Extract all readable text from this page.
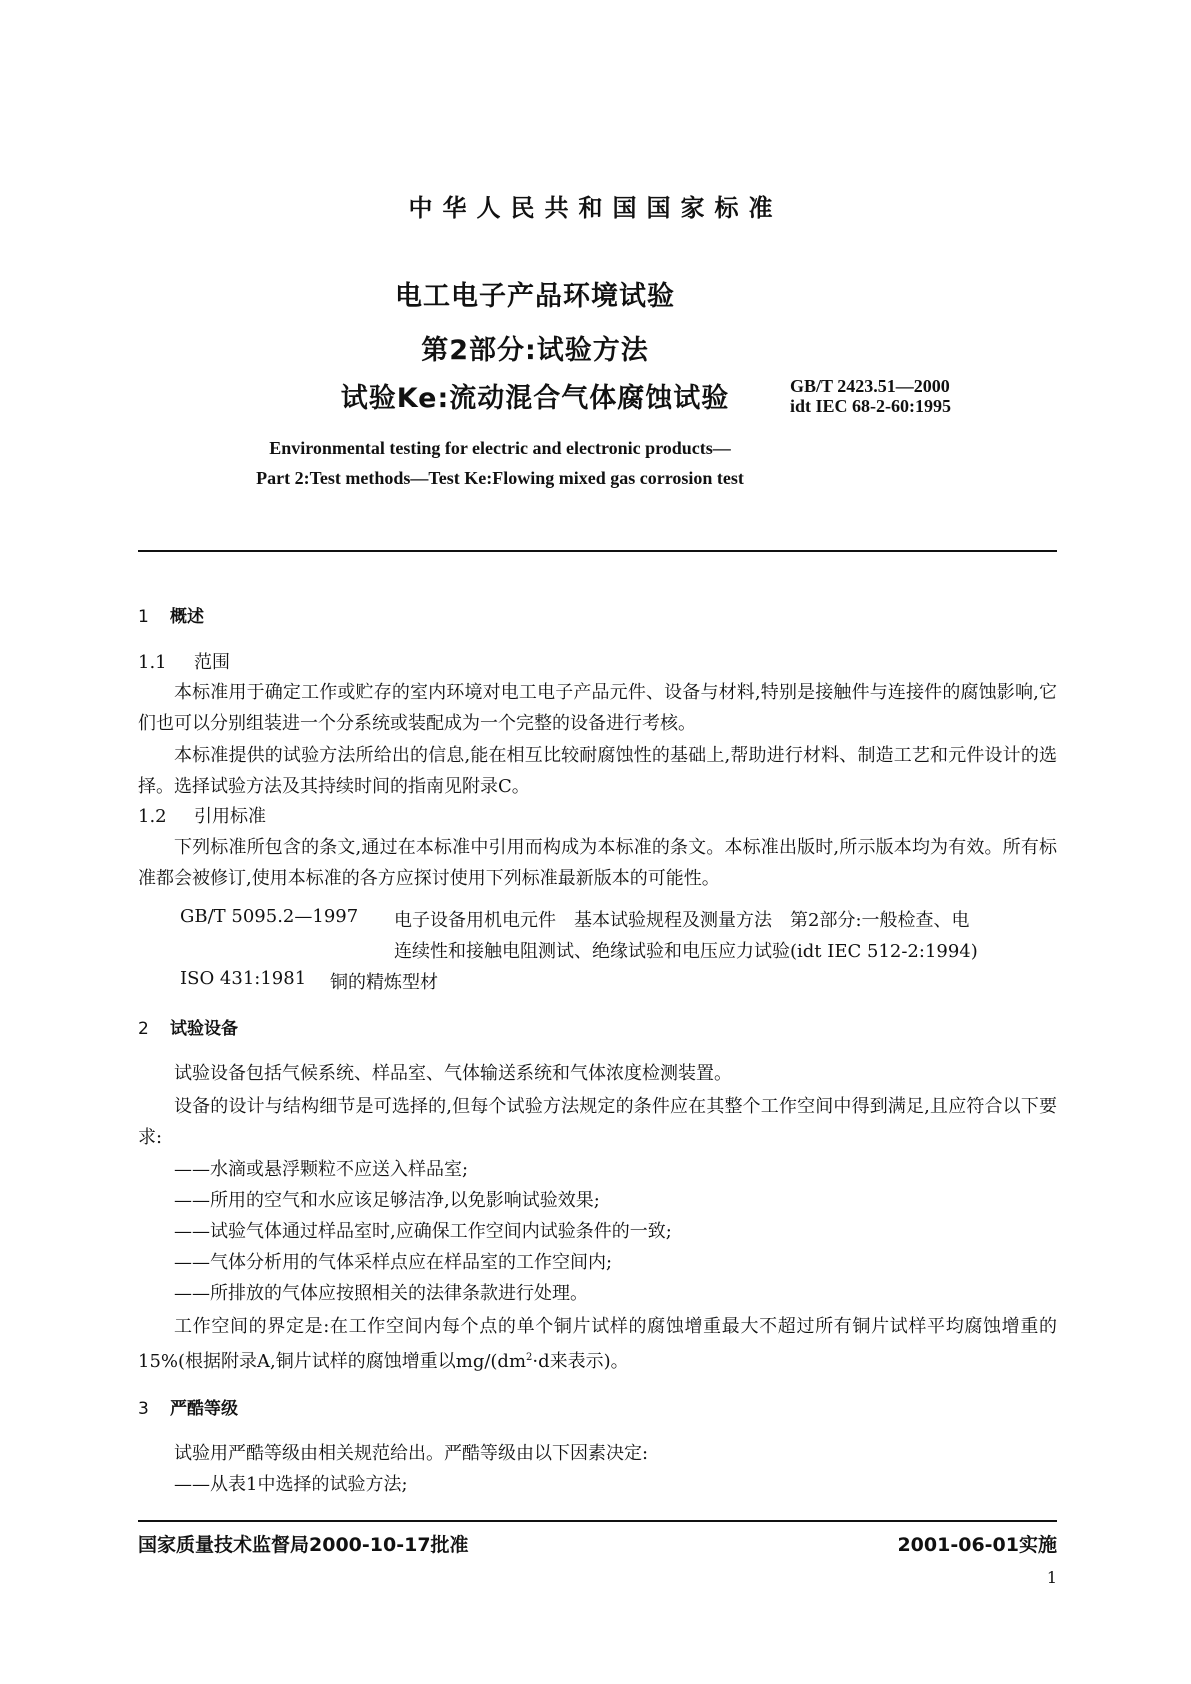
中华人民共和国国家标准
电工电子产品环境试验
第2部分:试验方法
试验Ke:流动混合气体腐蚀试验	GB/T 2423.51—2000
idt IEC 68-2-60:1995
Environmental testing for electric and electronic products—
Part 2:Test methods—Test Ke:Flowing mixed gas corrosion test
1 概述
1.1 范围
本标准用于确定工作或贮存的室内环境对电工电子产品元件、设备与材料,特别是接触件与连接件的腐蚀影响,它们也可以分别组装进一个分系统或装配成为一个完整的设备进行考核。
本标准提供的试验方法所给出的信息,能在相互比较耐腐蚀性的基础上,帮助进行材料、制造工艺和元件设计的选择。选择试验方法及其持续时间的指南见附录C。
1.2 引用标准
下列标准所包含的条文,通过在本标准中引用而构成为本标准的条文。本标准出版时,所示版本均为有效。所有标准都会被修订,使用本标准的各方应探讨使用下列标准最新版本的可能性。
GB/T 5095.2—1997 电子设备用机电元件　基本试验规程及测量方法　第2部分:一般检查、电
连续性和接触电阻测试、绝缘试验和电压应力试验(idt IEC 512-2:1994)
ISO 431:1981 铜的精炼型材
2 试验设备
试验设备包括气候系统、样品室、气体输送系统和气体浓度检测装置。
设备的设计与结构细节是可选择的,但每个试验方法规定的条件应在其整个工作空间中得到满足,且应符合以下要求:
——水滴或悬浮颗粒不应送入样品室;
——所用的空气和水应该足够洁净,以免影响试验效果;
——试验气体通过样品室时,应确保工作空间内试验条件的一致;
——气体分析用的气体采样点应在样品室的工作空间内;
——所排放的气体应按照相关的法律条款进行处理。
工作空间的界定是:在工作空间内每个点的单个铜片试样的腐蚀增重最大不超过所有铜片试样平均腐蚀增重的15%(根据附录A,铜片试样的腐蚀增重以$mg/(dm^2\cdot d$来表示)。
3 严酷等级
试验用严酷等级由相关规范给出。严酷等级由以下因素决定:
——从表1中选择的试验方法;
国家质量技术监督局2000-10-17批准	2001-06-01实施
1
